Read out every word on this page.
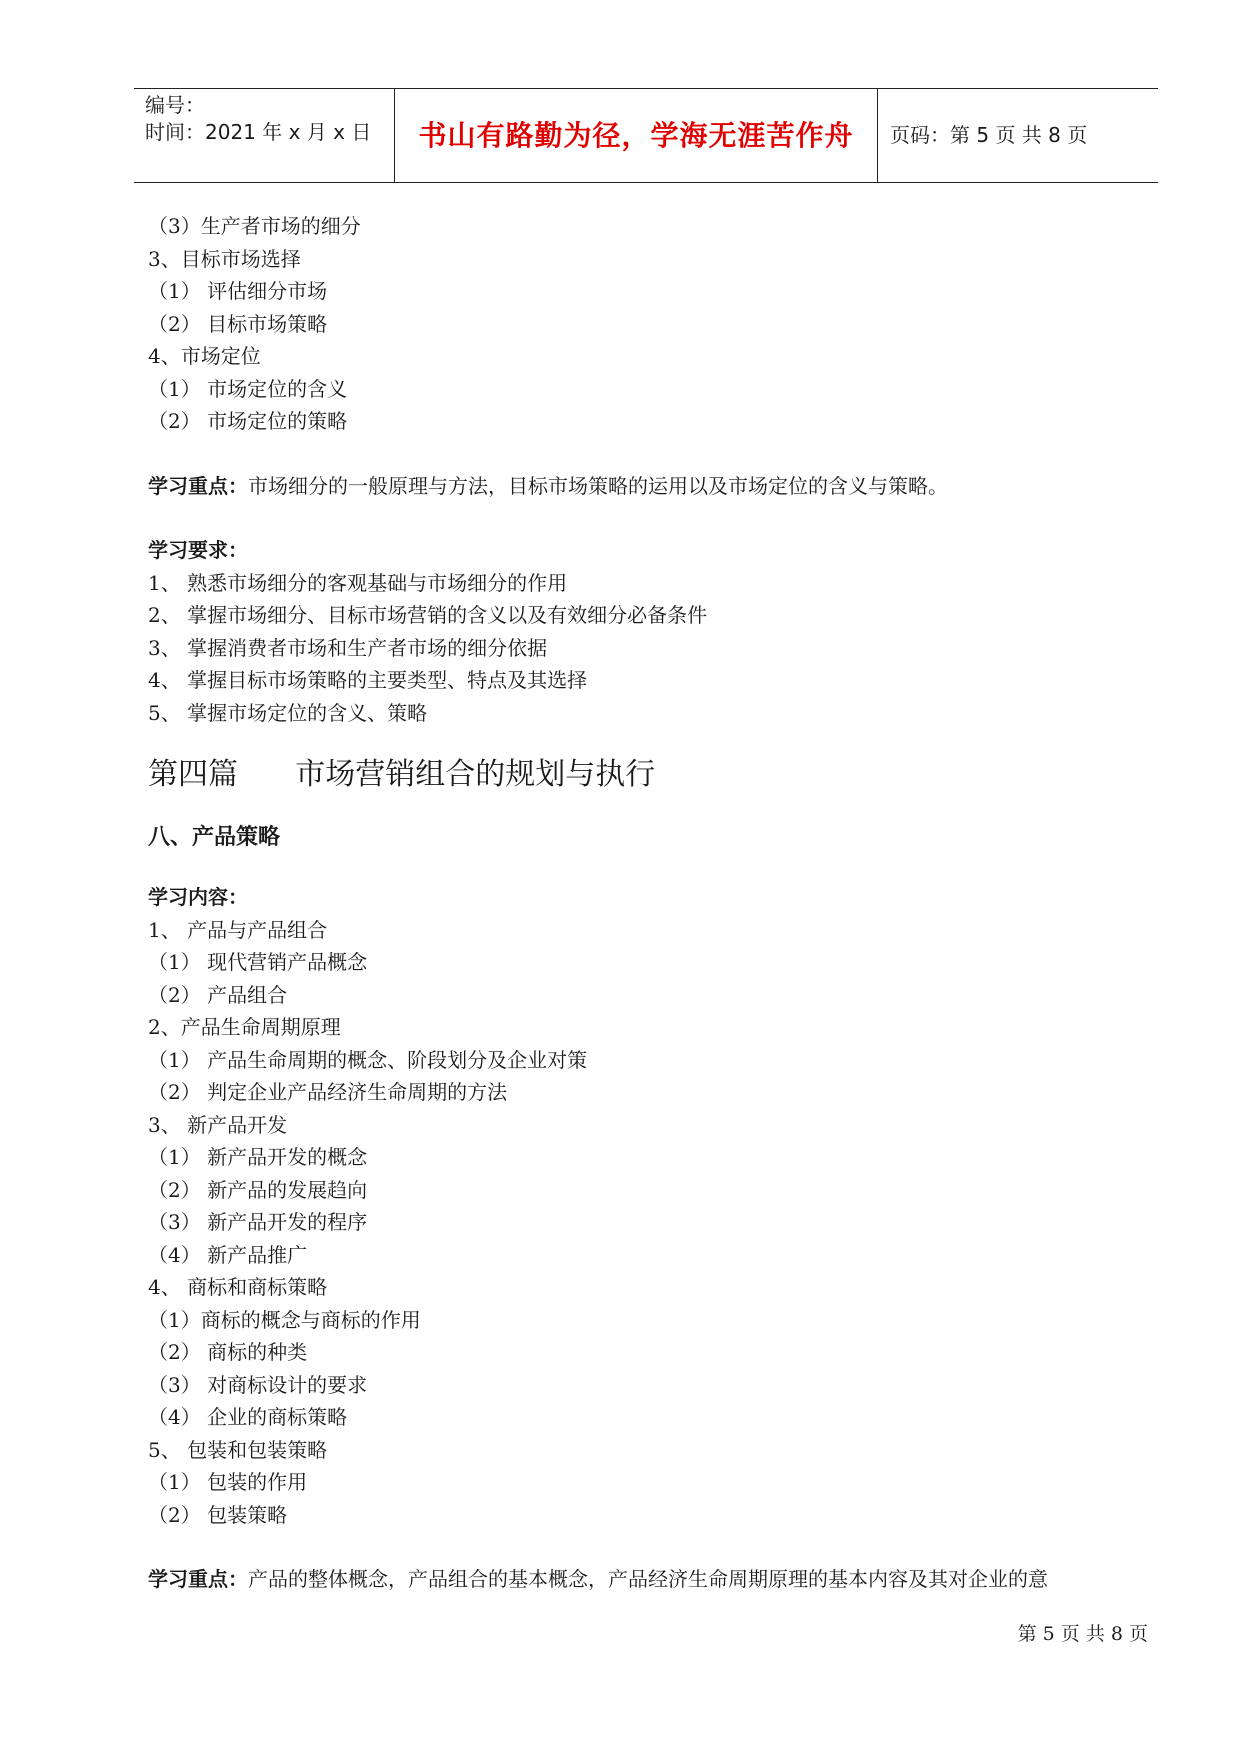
编号：
时间：2021 年 x 月 x 日	书山有路勤为径，学海无涯苦作舟	页码：第 5 页 共 8 页
（3）生产者市场的细分
3、目标市场选择
（1） 评估细分市场
（2） 目标市场策略
4、市场定位
（1） 市场定位的含义
（2） 市场定位的策略
学习重点：市场细分的一般原理与方法，目标市场策略的运用以及市场定位的含义与策略。
学习要求：
1、 熟悉市场细分的客观基础与市场细分的作用
2、 掌握市场细分、目标市场营销的含义以及有效细分必备条件
3、 掌握消费者市场和生产者市场的细分依据
4、 掌握目标市场策略的主要类型、特点及其选择
5、 掌握市场定位的含义、策略
第四篇      市场营销组合的规划与执行
八、产品策略
学习内容：
1、 产品与产品组合
（1） 现代营销产品概念
（2） 产品组合
2、产品生命周期原理
（1） 产品生命周期的概念、阶段划分及企业对策
（2） 判定企业产品经济生命周期的方法
3、 新产品开发
（1） 新产品开发的概念
（2） 新产品的发展趋向
（3） 新产品开发的程序
（4） 新产品推广
4、 商标和商标策略
（1）商标的概念与商标的作用
（2） 商标的种类
（3） 对商标设计的要求
（4） 企业的商标策略
5、 包装和包装策略
（1） 包装的作用
（2） 包装策略
学习重点：产品的整体概念，产品组合的基本概念，产品经济生命周期原理的基本内容及其对企业的意
第 5 页 共 8 页
